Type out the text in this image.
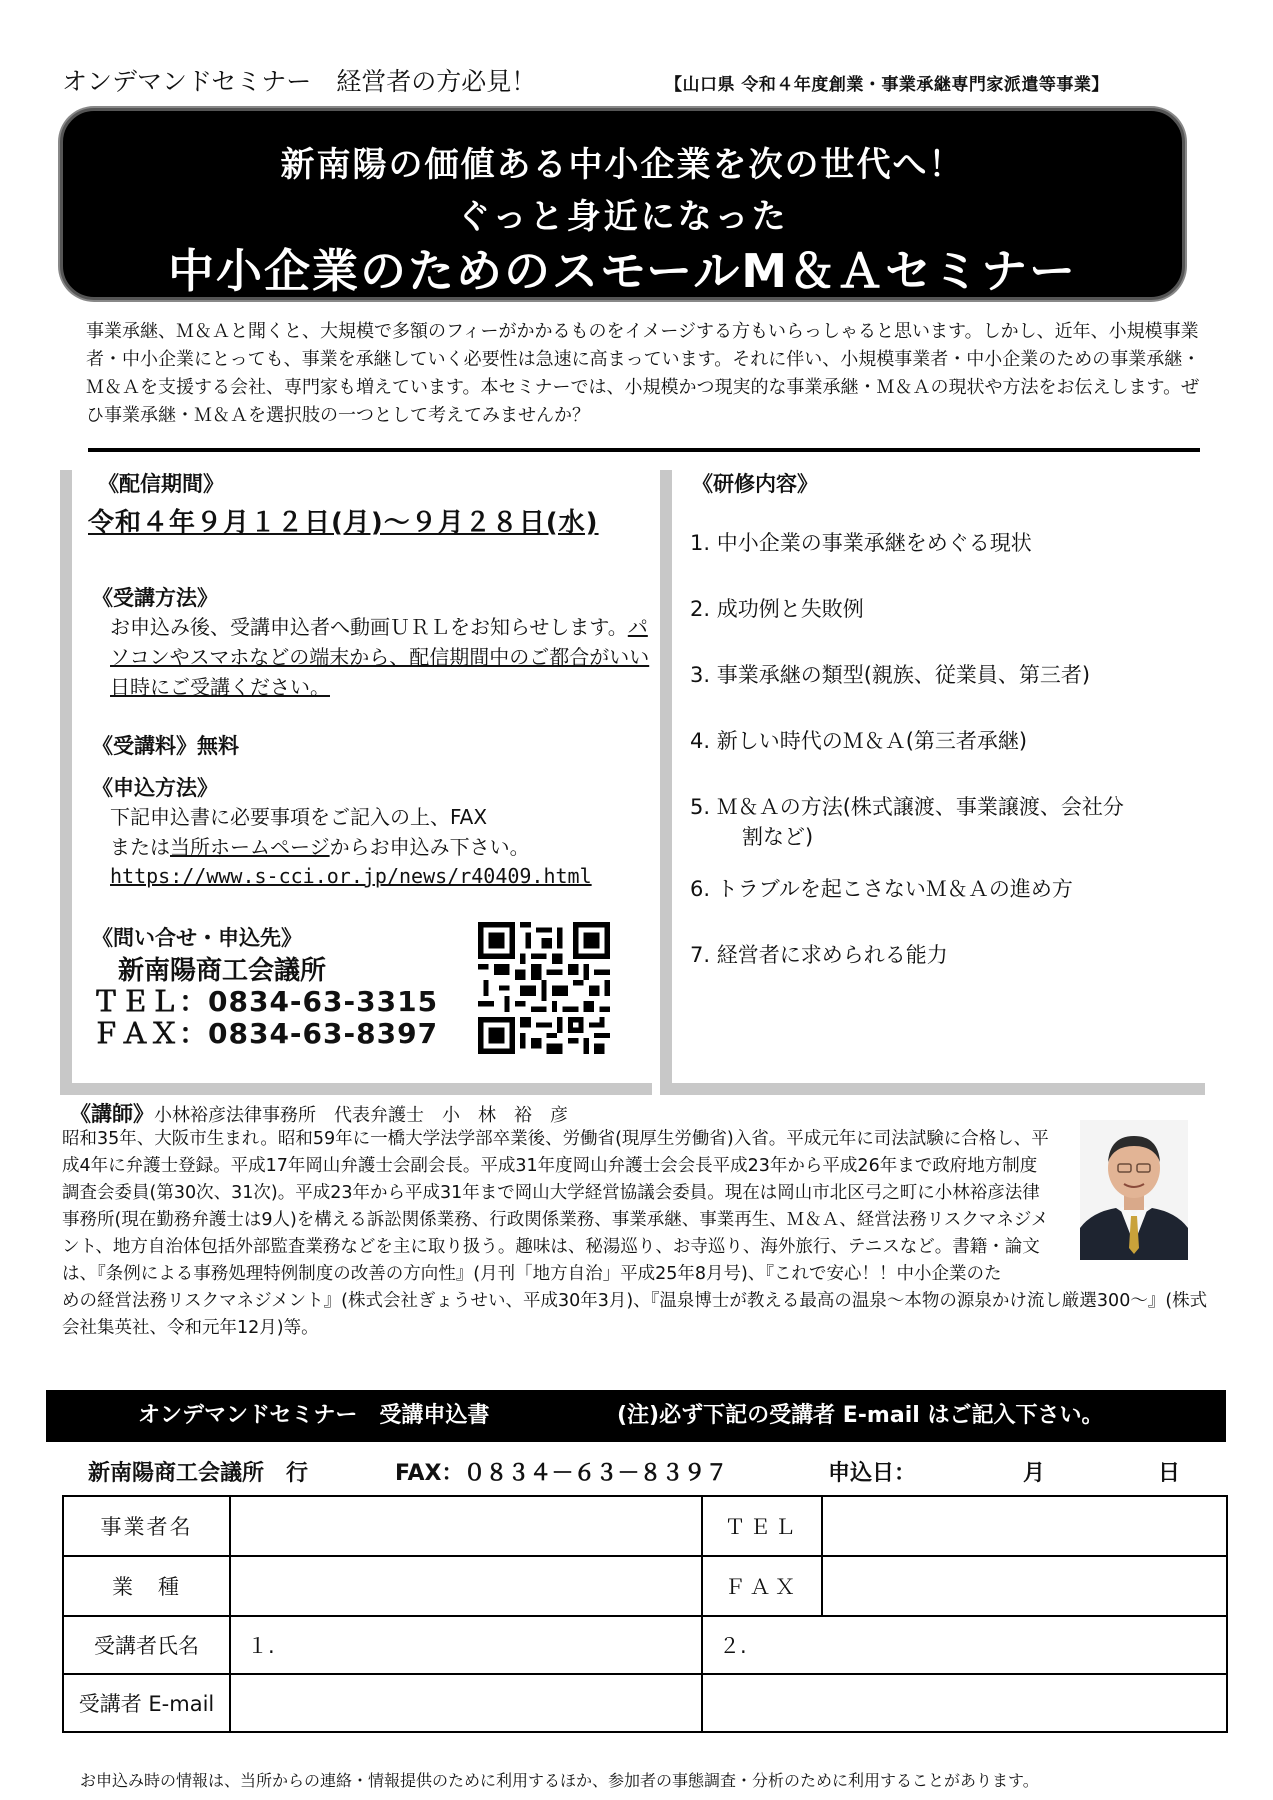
オンデマンドセミナー　経営者の方必見！	【山口県 令和４年度創業・事業承継専門家派遣等事業】
新南陽の価値ある中小企業を次の世代へ！
ぐっと身近になった
中小企業のためのスモールM＆Ａセミナー
事業承継、Ｍ＆Ａと聞くと、大規模で多額のフィーがかかるものをイメージする方もいらっしゃると思います。しかし、近年、小規模事業者・中小企業にとっても、事業を承継していく必要性は急速に高まっています。それに伴い、小規模事業者・中小企業のための事業承継・Ｍ＆Ａを支援する会社、専門家も増えています。本セミナーでは、小規模かつ現実的な事業承継・Ｍ＆Ａの現状や方法をお伝えします。ぜひ事業承継・Ｍ＆Ａを選択肢の一つとして考えてみませんか？
《配信期間》
令和４年９月１２日(月)～９月２８日(水)
《受講方法》
お申込み後、受講申込者へ動画ＵＲＬをお知らせします。パソコンやスマホなどの端末から、配信期間中のご都合がいい日時にご受講ください。
《受講料》無料
《申込方法》
下記申込書に必要事項をご記入の上、FAX
または当所ホームページからお申込み下さい。
https://www.s-cci.or.jp/news/r40409.html
《問い合せ・申込先》
新南陽商工会議所
ＴＥＬ：0834-63-3315
ＦＡＸ：0834-63-8397
《研修内容》
1. 中小企業の事業承継をめぐる現状
2. 成功例と失敗例
3. 事業承継の類型(親族、従業員、第三者)
4. 新しい時代のＭ＆Ａ(第三者承継)
5. Ｍ＆Ａの方法(株式譲渡、事業譲渡、会社分
割など)
6. トラブルを起こさないＭ＆Ａの進め方
7. 経営者に求められる能力
《講師》小林裕彦法律事務所　代表弁護士　小　林　裕　彦
昭和35年、大阪市生まれ。昭和59年に一橋大学法学部卒業後、労働省(現厚生労働省)入省。平成元年に司法試験に合格し、平成4年に弁護士登録。平成17年岡山弁護士会副会長。平成31年度岡山弁護士会会長平成23年から平成26年まで政府地方制度調査会委員(第30次、31次)。平成23年から平成31年まで岡山大学経営協議会委員。現在は岡山市北区弓之町に小林裕彦法律事務所(現在勤務弁護士は9人)を構える訴訟関係業務、行政関係業務、事業承継、事業再生、Ｍ＆Ａ、経営法務リスクマネジメント、地方自治体包括外部監査業務などを主に取り扱う。趣味は、秘湯巡り、お寺巡り、海外旅行、テニスなど。書籍・論文は、『条例による事務処理特例制度の改善の方向性』(月刊「地方自治」平成25年8月号)、『これで安心！！中小企業のた
めの経営法務リスクマネジメント』(株式会社ぎょうせい、平成30年3月)、『温泉博士が教える最高の温泉～本物の源泉かけ流し厳選300～』(株式会社集英社、令和元年12月)等。
オンデマンドセミナー　受講申込書	(注)必ず下記の受講者 E-mail はご記入下さい。
新南陽商工会議所　行	FAX：０８３４－６３－８３９７	申込日：	月	日
事業者名		ＴＥＬ	
業　種		ＦＡＸ	
受講者氏名	１.	２.	
受講者 E-mail			
お申込み時の情報は、当所からの連絡・情報提供のために利用するほか、参加者の事態調査・分析のために利用することがあります。
